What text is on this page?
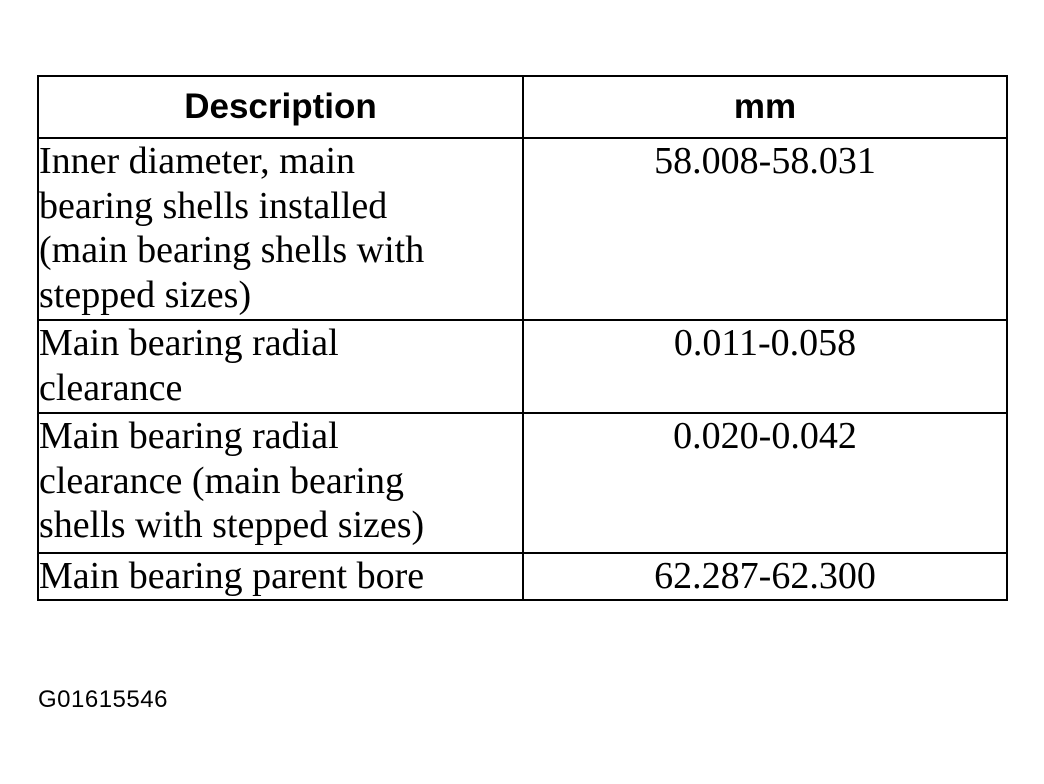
Description	mm

Inner diameter, main
bearing shells installed
(main bearing shells with
stepped sizes)	58.008-58.031

Main bearing radial
clearance	0.011-0.058

Main bearing radial
clearance (main bearing
shells with stepped sizes)	0.020-0.042

Main bearing parent bore	62.287-62.300
G01615546
